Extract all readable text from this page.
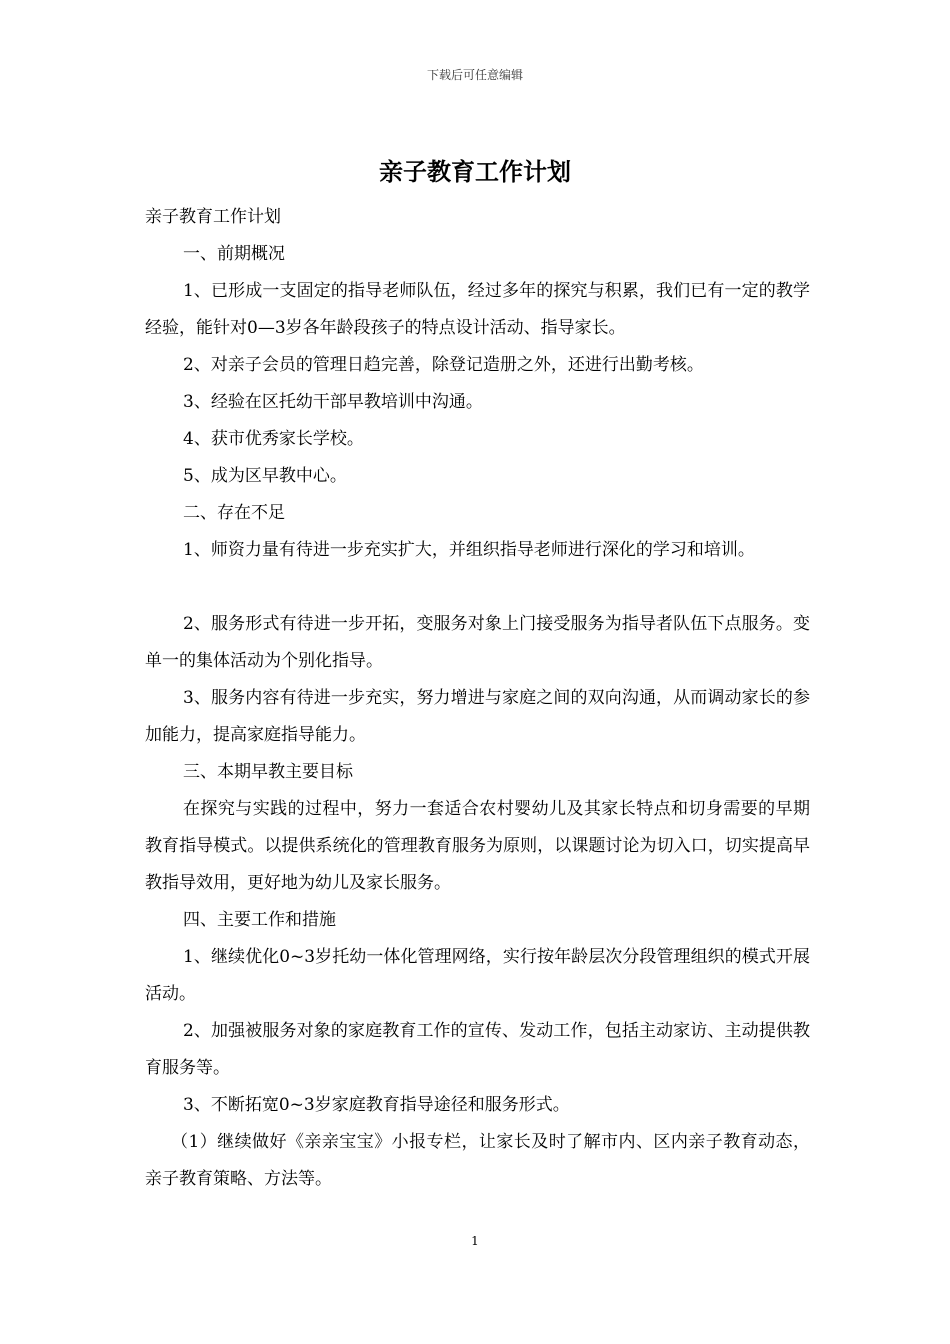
下载后可任意编辑
亲子教育工作计划

亲子教育工作计划

一、前期概况

1、已形成一支固定的指导老师队伍，经过多年的探究与积累，我们已有一定的教学经验，能针对0—3岁各年龄段孩子的特点设计活动、指导家长。

2、对亲子会员的管理日趋完善，除登记造册之外，还进行出勤考核。

3、经验在区托幼干部早教培训中沟通。

4、获市优秀家长学校。

5、成为区早教中心。

二、存在不足

1、师资力量有待进一步充实扩大，并组织指导老师进行深化的学习和培训。

2、服务形式有待进一步开拓，变服务对象上门接受服务为指导者队伍下点服务。变单一的集体活动为个别化指导。

3、服务内容有待进一步充实，努力增进与家庭之间的双向沟通，从而调动家长的参加能力，提高家庭指导能力。

三、本期早教主要目标

在探究与实践的过程中，努力一套适合农村婴幼儿及其家长特点和切身需要的早期教育指导模式。以提供系统化的管理教育服务为原则，以课题讨论为切入口，切实提高早教指导效用，更好地为幼儿及家长服务。

四、主要工作和措施

1、继续优化0~3岁托幼一体化管理网络，实行按年龄层次分段管理组织的模式开展活动。

2、加强被服务对象的家庭教育工作的宣传、发动工作，包括主动家访、主动提供教育服务等。

3、不断拓宽0~3岁家庭教育指导途径和服务形式。

（1）继续做好《亲亲宝宝》小报专栏，让家长及时了解市内、区内亲子教育动态，亲子教育策略、方法等。

1
